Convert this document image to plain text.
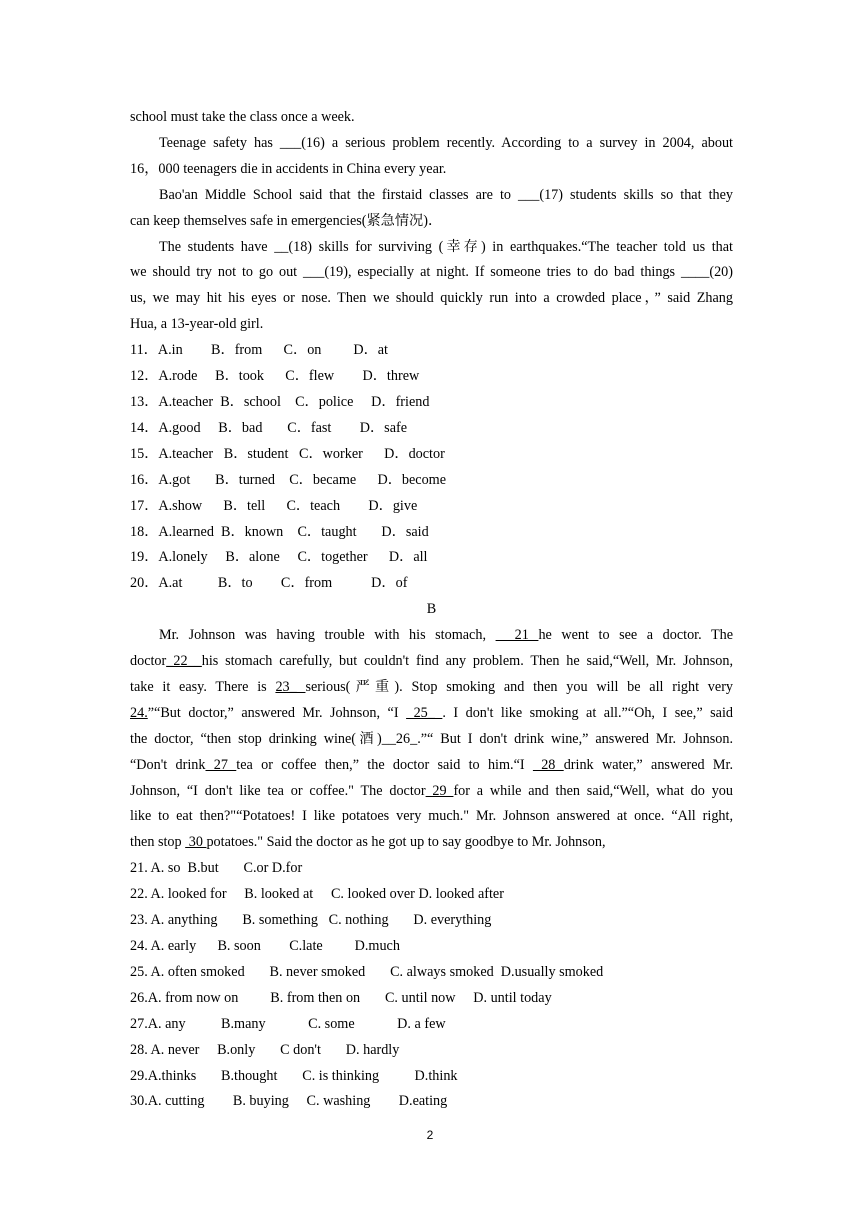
school must take the class once a week.
Teenage safety has ___(16) a serious problem recently. According to a survey in 2004, about
16，000 teenagers die in accidents in China every year.
Bao'an Middle School said that the firstaid classes are to ___(17) students skills so that they
can keep themselves safe in emergencies(紧急情况)．
The students have __(18) skills for surviving (幸存) in earthquakes.“The teacher told us that
we should try not to go out ___(19), especially at night. If someone tries to do bad things ____(20)
us, we may hit his eyes or nose. Then we should quickly run into a crowded place，” said Zhang
Hua, a 13-year-old girl.
11．A.in        B．from      C．on         D．at
12．A.rode     B．took      C．flew        D．threw
13．A.teacher  B．school    C．police     D．friend
14．A.good     B．bad       C．fast        D．safe
15．A.teacher   B．student   C．worker      D．doctor
16．A.got       B．turned    C．became      D．become
17．A.show      B．tell      C．teach        D．give
18．A.learned  B．known    C．taught       D．said
19．A.lonely     B．alone     C．together      D．all
20．A.at          B．to        C．from           D．of
B
Mr. Johnson was having trouble with his stomach,   21 he went to see a doctor. The
doctor_22__his stomach carefully, but couldn't find any problem. Then he said,“Well, Mr. Johnson,
take it easy. There is 23_ serious(严重). Stop smoking and then you will be all right very
24.”“But doctor,” answered Mr. Johnson, “I  25_ . I don't like smoking at all.”“Oh, I see,” said
the doctor, “then stop drinking wine(酒)__26_.”“ But I don't drink wine,” answered Mr. Johnson.
“Don't drink 27 tea or coffee then,” the doctor said to him.“I  28 drink water,” answered Mr.
Johnson, “I don't like tea or coffee." The doctor 29 for a while and then said,“Well, what do you
like to eat then?"“Potatoes! I like potatoes very much." Mr. Johnson answered at once. “All right,
then stop  30 potatoes." Said the doctor as he got up to say goodbye to Mr. Johnson,
21. A. so  B.but       C.or D.for
22. A. looked for     B. looked at     C. looked over D. looked after
23. A. anything       B. something   C. nothing       D. everything
24. A. early      B. soon        C.late         D.much
25. A. often smoked       B. never smoked       C. always smoked  D.usually smoked
26.A. from now on         B. from then on       C. until now     D. until today
27.A. any          B.many            C. some            D. a few
28. A. never     B.only       C don't       D. hardly
29.A.thinks       B.thought       C. is thinking          D.think
30.A. cutting        B. buying     C. washing        D.eating
2
